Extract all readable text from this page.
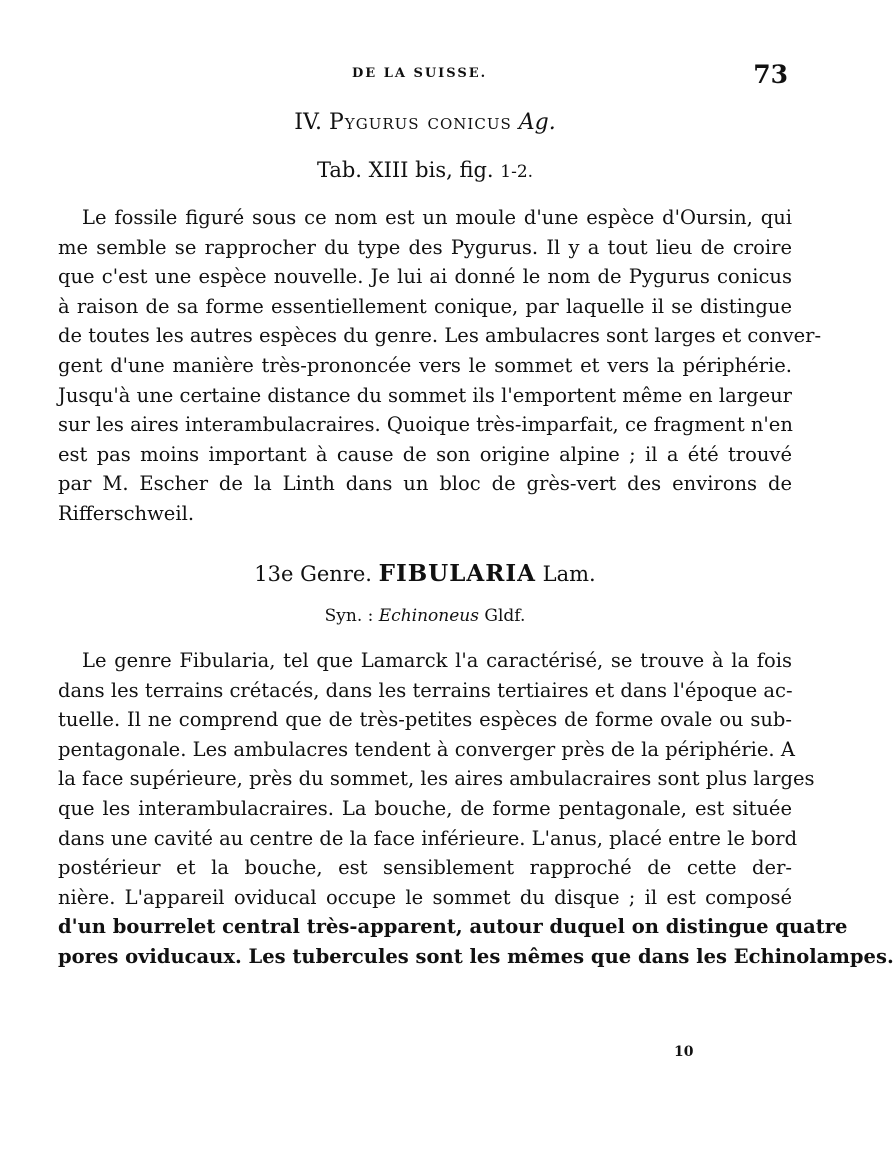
DE LA SUISSE.	73
IV. Pygurus conicus Ag.
Tab. XIII bis, fig. 1-2.
Le fossile figuré sous ce nom est un moule d'une espèce d'Oursin, qui
me semble se rapprocher du type des Pygurus. Il y a tout lieu de croire
que c'est une espèce nouvelle. Je lui ai donné le nom de Pygurus conicus
à raison de sa forme essentiellement conique, par laquelle il se distingue
de toutes les autres espèces du genre. Les ambulacres sont larges et conver-
gent d'une manière très-prononcée vers le sommet et vers la périphérie.
Jusqu'à une certaine distance du sommet ils l'emportent même en largeur
sur les aires interambulacraires. Quoique très-imparfait, ce fragment n'en
est pas moins important à cause de son origine alpine ; il a été trouvé
par M. Escher de la Linth dans un bloc de grès-vert des environs de
Rifferschweil.
13e Genre. FIBULARIA Lam.
Syn. : Echinoneus Gldf.
Le genre Fibularia, tel que Lamarck l'a caractérisé, se trouve à la fois
dans les terrains crétacés, dans les terrains tertiaires et dans l'époque ac-
tuelle. Il ne comprend que de très-petites espèces de forme ovale ou sub-
pentagonale. Les ambulacres tendent à converger près de la périphérie. A
la face supérieure, près du sommet, les aires ambulacraires sont plus larges
que les interambulacraires. La bouche, de forme pentagonale, est située
dans une cavité au centre de la face inférieure. L'anus, placé entre le bord
postérieur et la bouche, est sensiblement rapproché de cette der-
nière. L'appareil oviducal occupe le sommet du disque ; il est composé
d'un bourrelet central très-apparent, autour duquel on distingue quatre
pores oviducaux. Les tubercules sont les mêmes que dans les Echinolampes.
10
